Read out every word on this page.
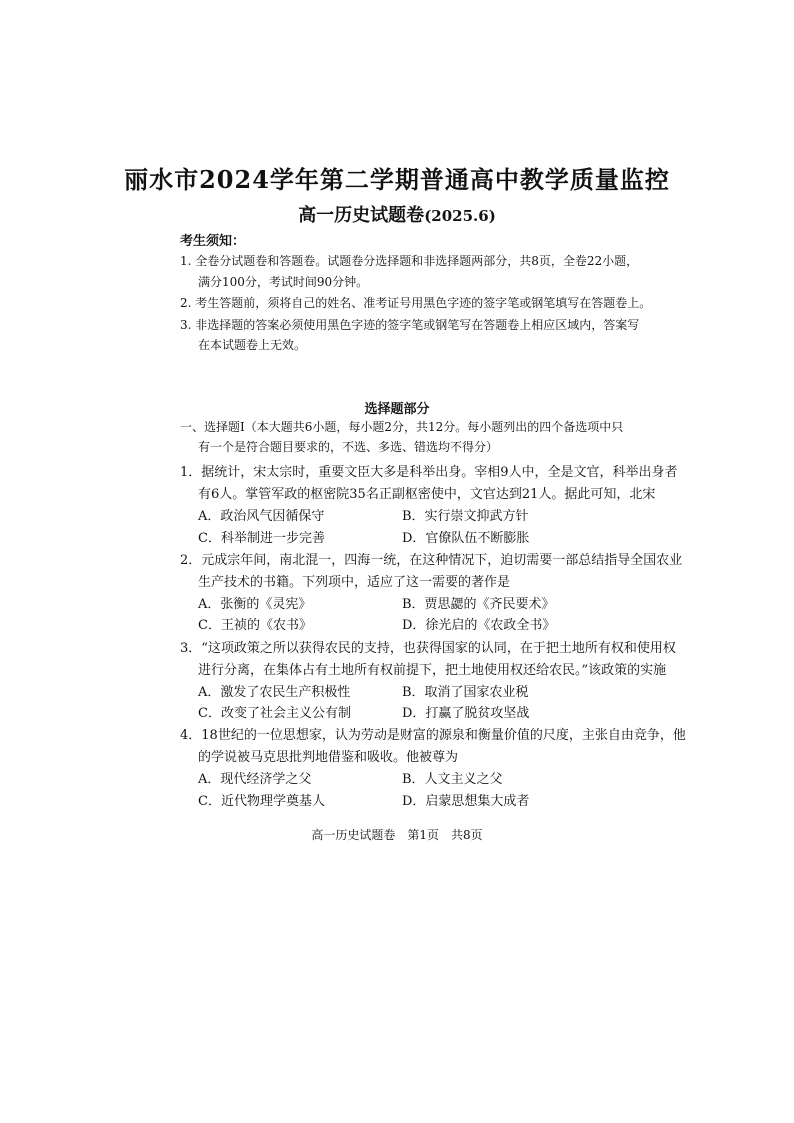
丽水市2024学年第二学期普通高中教学质量监控
高一历史试题卷(2025.6)
考生须知：
1. 全卷分试题卷和答题卷。试题卷分选择题和非选择题两部分，共8页，全卷22小题，
满分100分，考试时间90分钟。
2. 考生答题前，须将自己的姓名、准考证号用黑色字迹的签字笔或钢笔填写在答题卷上。
3. 非选择题的答案必须使用黑色字迹的签字笔或钢笔写在答题卷上相应区域内，答案写
在本试题卷上无效。
选择题部分
一、选择题Ⅰ（本大题共6小题，每小题2分，共12分。每小题列出的四个备选项中只
有一个是符合题目要求的，不选、多选、错选均不得分）
1．据统计，宋太宗时，重要文臣大多是科举出身。宰相9人中，全是文官，科举出身者
有6人。掌管军政的枢密院35名正副枢密使中，文官达到21人。据此可知，北宋
A．政治风气因循保守	B．实行崇文抑武方针
C．科举制进一步完善	D．官僚队伍不断膨胀
2．元成宗年间，南北混一，四海一统，在这种情况下，迫切需要一部总结指导全国农业
生产技术的书籍。下列项中，适应了这一需要的著作是
A．张衡的《灵宪》	B．贾思勰的《齐民要术》
C．王祯的《农书》	D．徐光启的《农政全书》
3．“这项政策之所以获得农民的支持，也获得国家的认同，在于把土地所有权和使用权
进行分离，在集体占有土地所有权前提下，把土地使用权还给农民。”该政策的实施
A．激发了农民生产积极性	B．取消了国家农业税
C．改变了社会主义公有制	D．打赢了脱贫攻坚战
4．18世纪的一位思想家，认为劳动是财富的源泉和衡量价值的尺度，主张自由竞争，他
的学说被马克思批判地借鉴和吸收。他被尊为
A．现代经济学之父	B．人文主义之父
C．近代物理学奠基人	D．启蒙思想集大成者
高一历史试题卷　第1页　共8页
